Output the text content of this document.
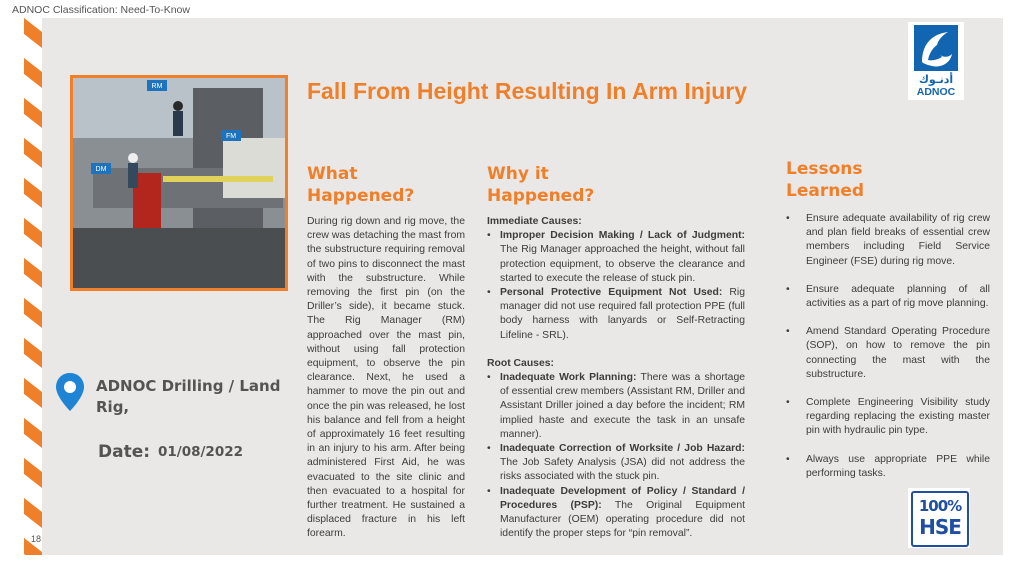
ADNOC Classification: Need-To-Know
RM
FM
DM
Fall From Height Resulting In Arm Injury
What
Happened?
During rig down and rig move, the crew was detaching the mast from the substructure requiring removal of two pins to disconnect the mast with the substructure. While removing the first pin (on the Driller’s side), it became stuck. The Rig Manager (RM) approached over the mast pin, without using fall protection equipment, to observe the pin clearance. Next, he used a hammer to move the pin out and once the pin was released, he lost his balance and fell from a height of approximately 16 feet resulting in an injury to his arm. After being administered First Aid, he was evacuated to the site clinic and then evacuated to a hospital for further treatment. He sustained a displaced fracture in his left forearm.
Why it
Happened?
Immediate Causes:
• Improper Decision Making / Lack of Judgment: The Rig Manager approached the height, without fall protection equipment, to observe the clearance and started to execute the release of stuck pin.
• Personal Protective Equipment Not Used: Rig manager did not use required fall protection PPE (full body harness with lanyards or Self-Retracting Lifeline - SRL).
Root Causes:
• Inadequate Work Planning: There was a shortage of essential crew members (Assistant RM, Driller and Assistant Driller joined a day before the incident; RM implied haste and execute the task in an unsafe manner).
• Inadequate Correction of Worksite / Job Hazard: The Job Safety Analysis (JSA) did not address the risks associated with the stuck pin.
• Inadequate Development of Policy / Standard / Procedures (PSP): The Original Equipment Manufacturer (OEM) operating procedure did not identify the proper steps for “pin removal”.
Lessons
Learned
• Ensure adequate availability of rig crew and plan field breaks of essential crew members including Field Service Engineer (FSE) during rig move.
• Ensure adequate planning of all activities as a part of rig move planning.
• Amend Standard Operating Procedure (SOP), on how to remove the pin connecting the mast with the substructure.
• Complete Engineering Visibility study regarding replacing the existing master pin with hydraulic pin type.
• Always use appropriate PPE while performing tasks.
ADNOC Drilling / Land Rig,
Date: 01/08/2022
18
أدنـوك
ADNOC
100%
HSE
